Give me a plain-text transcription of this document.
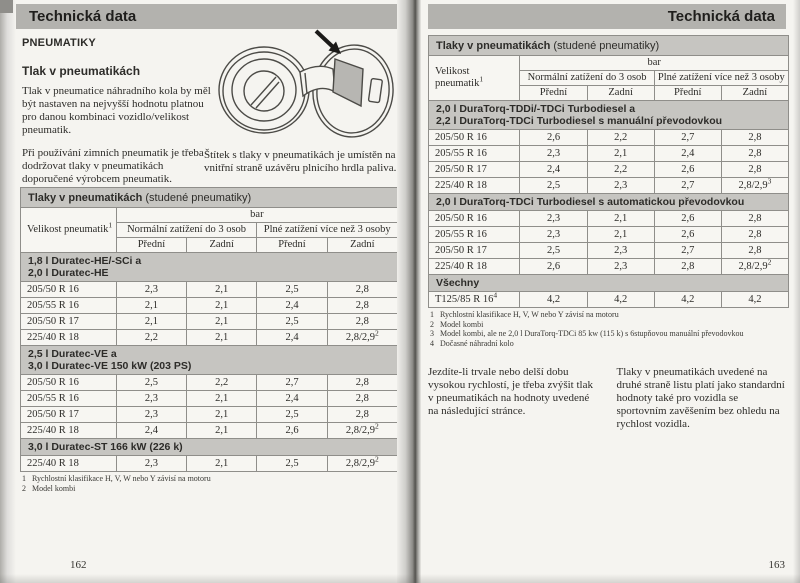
Technická data
PNEUMATIKY
Tlak v pneumatikách

Tlak v pneumatice náhradního kola by měl být nastaven na nejvyšší hodnotu platnou pro danou kombinaci vozidlo/velikost pneumatik.

Při používání zimních pneumatik je třeba dodržovat tlaky v pneumatikách doporučené výrobcem pneumatik.

Štítek s tlaky v pneumatikách je umístěn na vnitřní straně uzávěru plnicího hrdla paliva.
Tlaky v pneumatikách (studené pneumatiky)				
Velikost pneumatik$^1$	bar			
	Normální zatížení do 3 osob		Plné zatížení více než 3 osoby	
	Přední	Zadní	Přední	Zadní
1,8 l Duratec-HE/-SCi a
2,0 l Duratec-HE				
205/50 R 16	2,3	2,1	2,5	2,8
205/55 R 16	2,1	2,1	2,4	2,8
205/50 R 17	2,1	2,1	2,5	2,8
225/40 R 18	2,2	2,1	2,4	$2,8/2,9^2$
2,5 l Duratec-VE a
3,0 l Duratec-VE 150 kW (203 PS)				
205/50 R 16	2,5	2,2	2,7	2,8
205/55 R 16	2,3	2,1	2,4	2,8
205/50 R 17	2,3	2,1	2,5	2,8
225/40 R 18	2,4	2,1	2,6	$2,8/2,9^2$
3,0 l Duratec-ST 166 kW (226 k)				
225/40 R 18	2,3	2,1	2,5	$2,8/2,9^2$
1 Rychlostní klasifikace H, V, W nebo Y závisí na motoru
2 Model kombi
162
Technická data
Tlaky v pneumatikách (studené pneumatiky)				
Velikost pneumatik$^1$	bar			
	Normální zatížení do 3 osob		Plné zatížení více než 3 osoby	
	Přední	Zadní	Přední	Zadní
2,0 l DuraTorq-TDDi/-TDCi Turbodiesel a
2,2 l DuraTorq-TDCi Turbodiesel s manuální převodovkou				
205/50 R 16	2,6	2,2	2,7	2,8
205/55 R 16	2,3	2,1	2,4	2,8
205/50 R 17	2,4	2,2	2,6	2,8
225/40 R 18	2,5	2,3	2,7	$2,8/2,9^3$
2,0 l DuraTorq-TDCi Turbodiesel s automatickou převodovkou				
205/50 R 16	2,3	2,1	2,6	2,8
205/55 R 16	2,3	2,1	2,6	2,8
205/50 R 17	2,5	2,3	2,7	2,8
225/40 R 18	2,6	2,3	2,8	$2,8/2,9^2$
Všechny				
T125/85 R $16^4$	4,2	4,2	4,2	4,2
1 Rychlostní klasifikace H, V, W nebo Y závisí na motoru
2 Model kombi
3 Model kombi, ale ne 2,0 l DuraTorq-TDCi 85 kw (115 k) s 6stupňovou manuální převodovkou
4 Dočasné náhradní kolo

Jezdíte-li trvale nebo delší dobu vysokou rychlostí, je třeba zvýšit tlak v pneumatikách na hodnoty uvedené na následující stránce.

Tlaky v pneumatikách uvedené na druhé straně listu platí jako standardní hodnoty také pro vozidla se sportovním zavěšením bez ohledu na rychlost vozidla.

163
